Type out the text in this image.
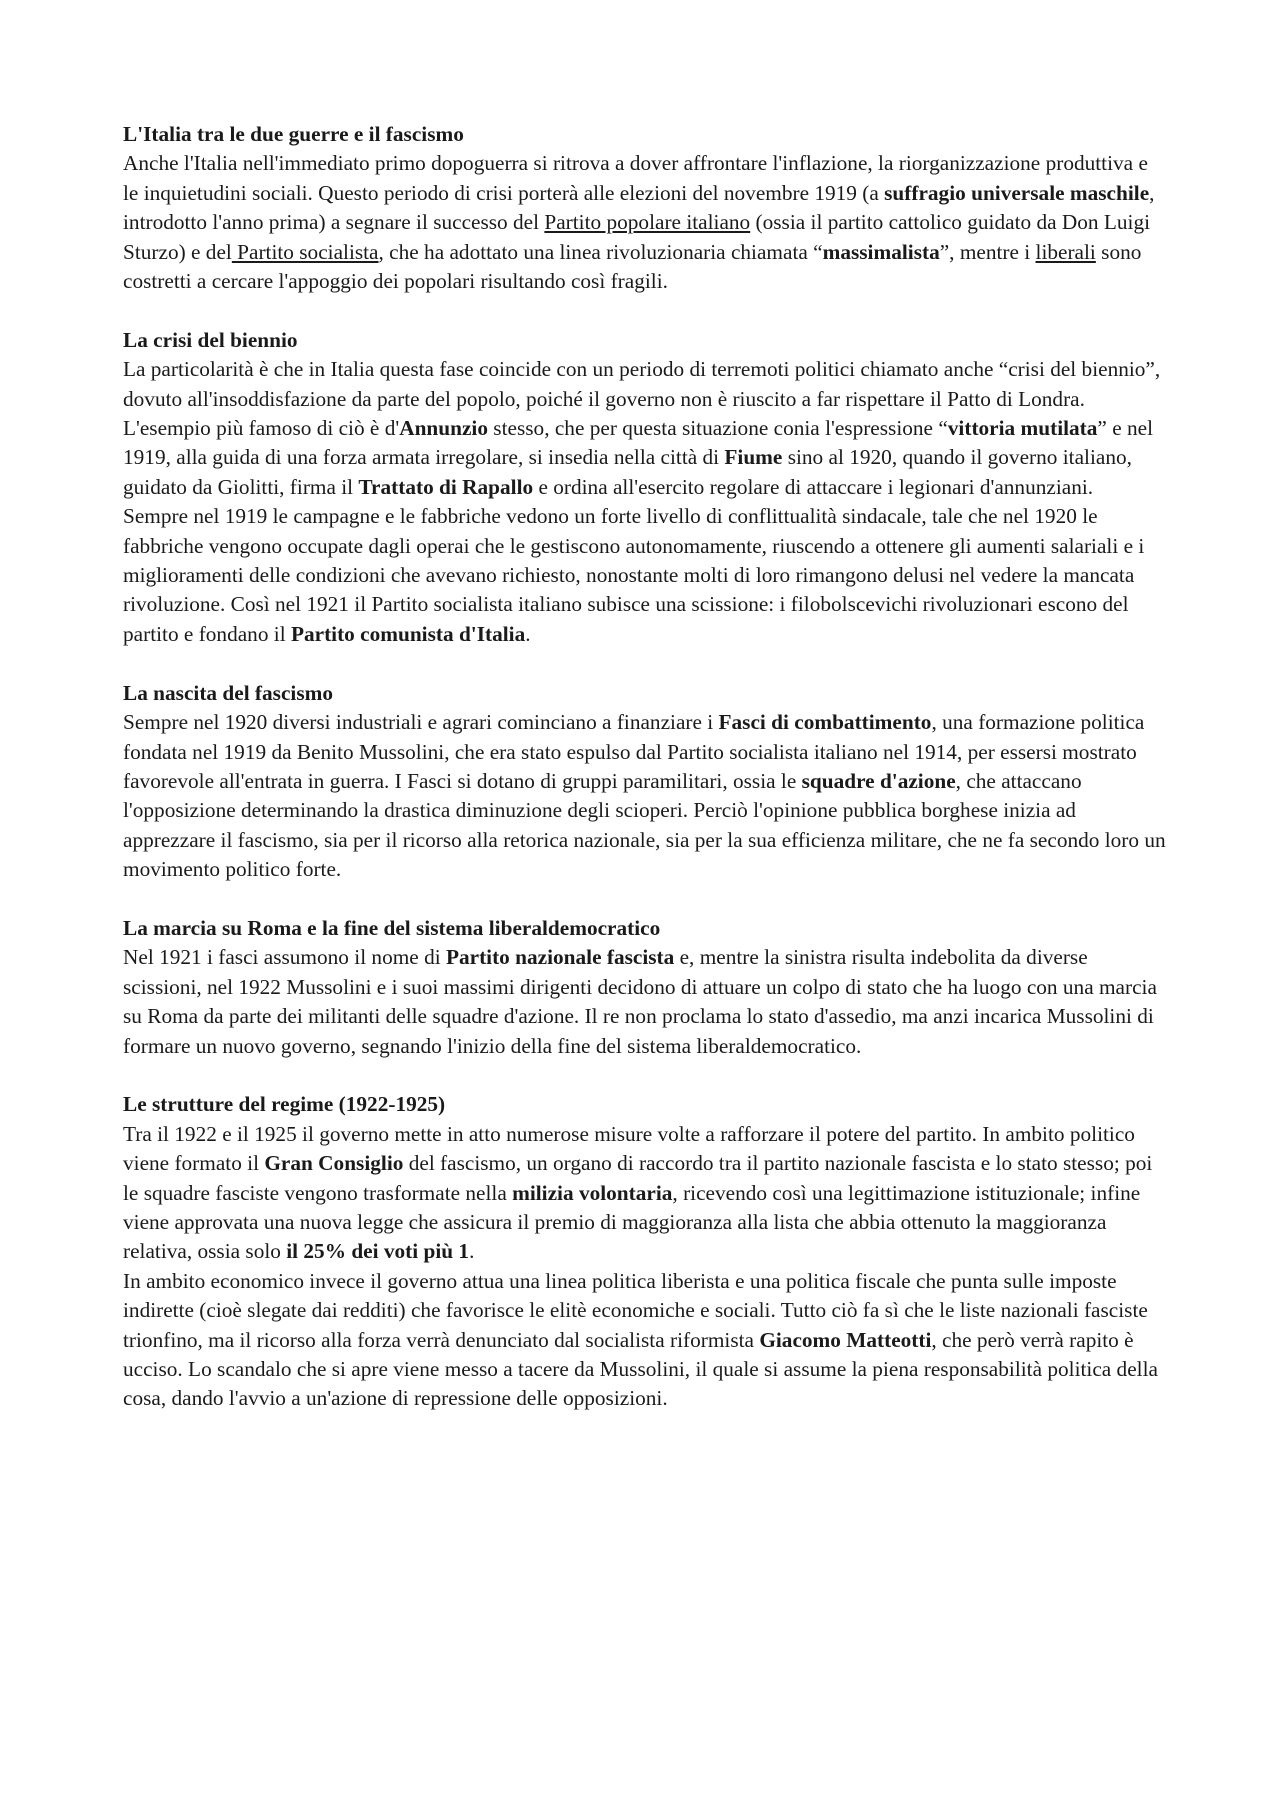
L'Italia tra le due guerre e il fascismo

Anche l'Italia nell'immediato primo dopoguerra si ritrova a dover affrontare l'inflazione, la riorganizzazione produttiva e le inquietudini sociali. Questo periodo di crisi porterà alle elezioni del novembre 1919 (a suffragio universale maschile, introdotto l'anno prima) a segnare il successo del Partito popolare italiano (ossia il partito cattolico guidato da Don Luigi Sturzo) e del Partito socialista, che ha adottato una linea rivoluzionaria chiamata “massimalista”, mentre i liberali sono costretti a cercare l'appoggio dei popolari risultando così fragili.

La crisi del biennio

La particolarità è che in Italia questa fase coincide con un periodo di terremoti politici chiamato anche “crisi del biennio”, dovuto all'insoddisfazione da parte del popolo, poiché il governo non è riuscito a far rispettare il Patto di Londra. L'esempio più famoso di ciò è d'Annunzio stesso, che per questa situazione conia l'espressione “vittoria mutilata” e nel 1919, alla guida di una forza armata irregolare, si insedia nella città di Fiume sino al 1920, quando il governo italiano, guidato da Giolitti, firma il Trattato di Rapallo e ordina all'esercito regolare di attaccare i legionari d'annunziani.

Sempre nel 1919 le campagne e le fabbriche vedono un forte livello di conflittualità sindacale, tale che nel 1920 le fabbriche vengono occupate dagli operai che le gestiscono autonomamente, riuscendo a ottenere gli aumenti salariali e i miglioramenti delle condizioni che avevano richiesto, nonostante molti di loro rimangono delusi nel vedere la mancata rivoluzione. Così nel 1921 il Partito socialista italiano subisce una scissione: i filobolscevichi rivoluzionari escono del partito e fondano il Partito comunista d'Italia.

La nascita del fascismo

Sempre nel 1920 diversi industriali e agrari cominciano a finanziare i Fasci di combattimento, una formazione politica fondata nel 1919 da Benito Mussolini, che era stato espulso dal Partito socialista italiano nel 1914, per essersi mostrato favorevole all'entrata in guerra. I Fasci si dotano di gruppi paramilitari, ossia le squadre d'azione, che attaccano l'opposizione determinando la drastica diminuzione degli scioperi. Perciò l'opinione pubblica borghese inizia ad apprezzare il fascismo, sia per il ricorso alla retorica nazionale, sia per la sua efficienza militare, che ne fa secondo loro un movimento politico forte.

La marcia su Roma e la fine del sistema liberaldemocratico

Nel 1921 i fasci assumono il nome di Partito nazionale fascista e, mentre la sinistra risulta indebolita da diverse scissioni, nel 1922 Mussolini e i suoi massimi dirigenti decidono di attuare un colpo di stato che ha luogo con una marcia su Roma da parte dei militanti delle squadre d'azione. Il re non proclama lo stato d'assedio, ma anzi incarica Mussolini di formare un nuovo governo, segnando l'inizio della fine del sistema liberaldemocratico.

Le strutture del regime (1922-1925)

Tra il 1922 e il 1925 il governo mette in atto numerose misure volte a rafforzare il potere del partito. In ambito politico viene formato il Gran Consiglio del fascismo, un organo di raccordo tra il partito nazionale fascista e lo stato stesso; poi le squadre fasciste vengono trasformate nella milizia volontaria, ricevendo così una legittimazione istituzionale; infine viene approvata una nuova legge che assicura il premio di maggioranza alla lista che abbia ottenuto la maggioranza relativa, ossia solo il 25% dei voti più 1.

In ambito economico invece il governo attua una linea politica liberista e una politica fiscale che punta sulle imposte indirette (cioè slegate dai redditi) che favorisce le elitè economiche e sociali. Tutto ciò fa sì che le liste nazionali fasciste trionfino, ma il ricorso alla forza verrà denunciato dal socialista riformista Giacomo Matteotti, che però verrà rapito è ucciso. Lo scandalo che si apre viene messo a tacere da Mussolini, il quale si assume la piena responsabilità politica della cosa, dando l'avvio a un'azione di repressione delle opposizioni.
